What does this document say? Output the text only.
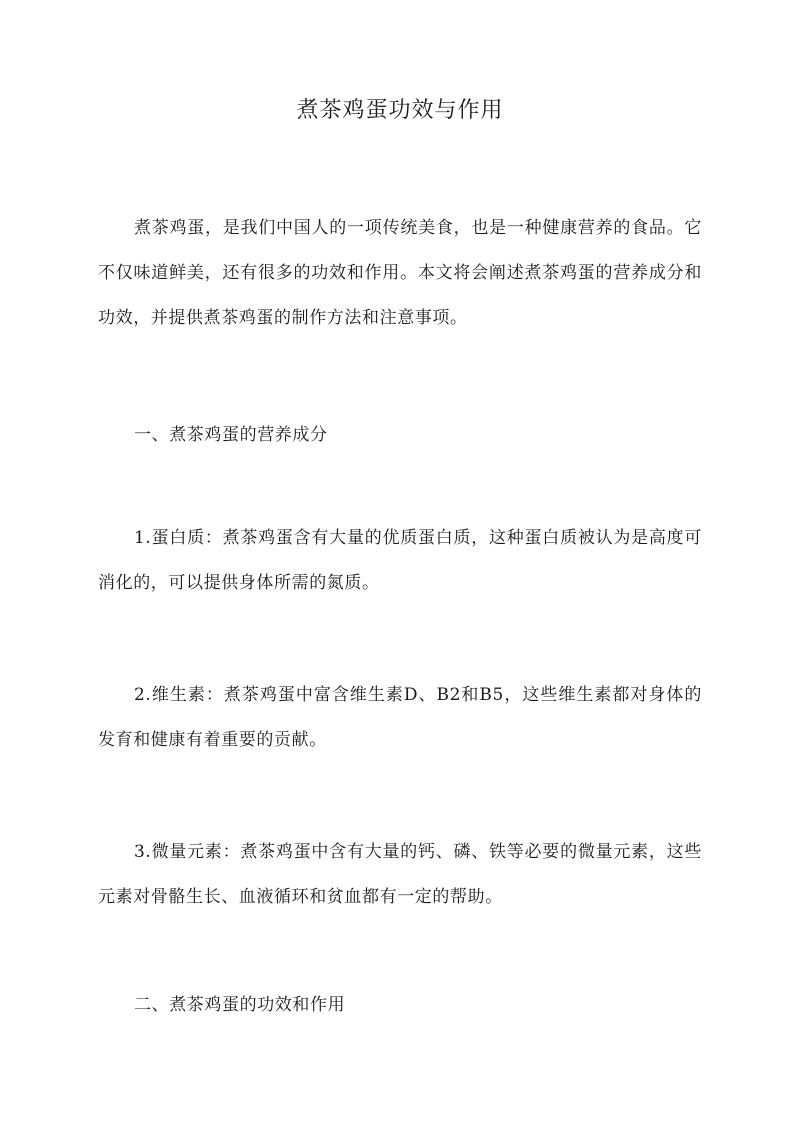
煮茶鸡蛋功效与作用
煮茶鸡蛋，是我们中国人的一项传统美食，也是一种健康营养的食品。它不仅味道鲜美，还有很多的功效和作用。本文将会阐述煮茶鸡蛋的营养成分和功效，并提供煮茶鸡蛋的制作方法和注意事项。
一、煮茶鸡蛋的营养成分
1.蛋白质：煮茶鸡蛋含有大量的优质蛋白质，这种蛋白质被认为是高度可消化的，可以提供身体所需的氮质。
2.维生素：煮茶鸡蛋中富含维生素D、B2和B5，这些维生素都对身体的发育和健康有着重要的贡献。
3.微量元素：煮茶鸡蛋中含有大量的钙、磷、铁等必要的微量元素，这些元素对骨骼生长、血液循环和贫血都有一定的帮助。
二、煮茶鸡蛋的功效和作用
